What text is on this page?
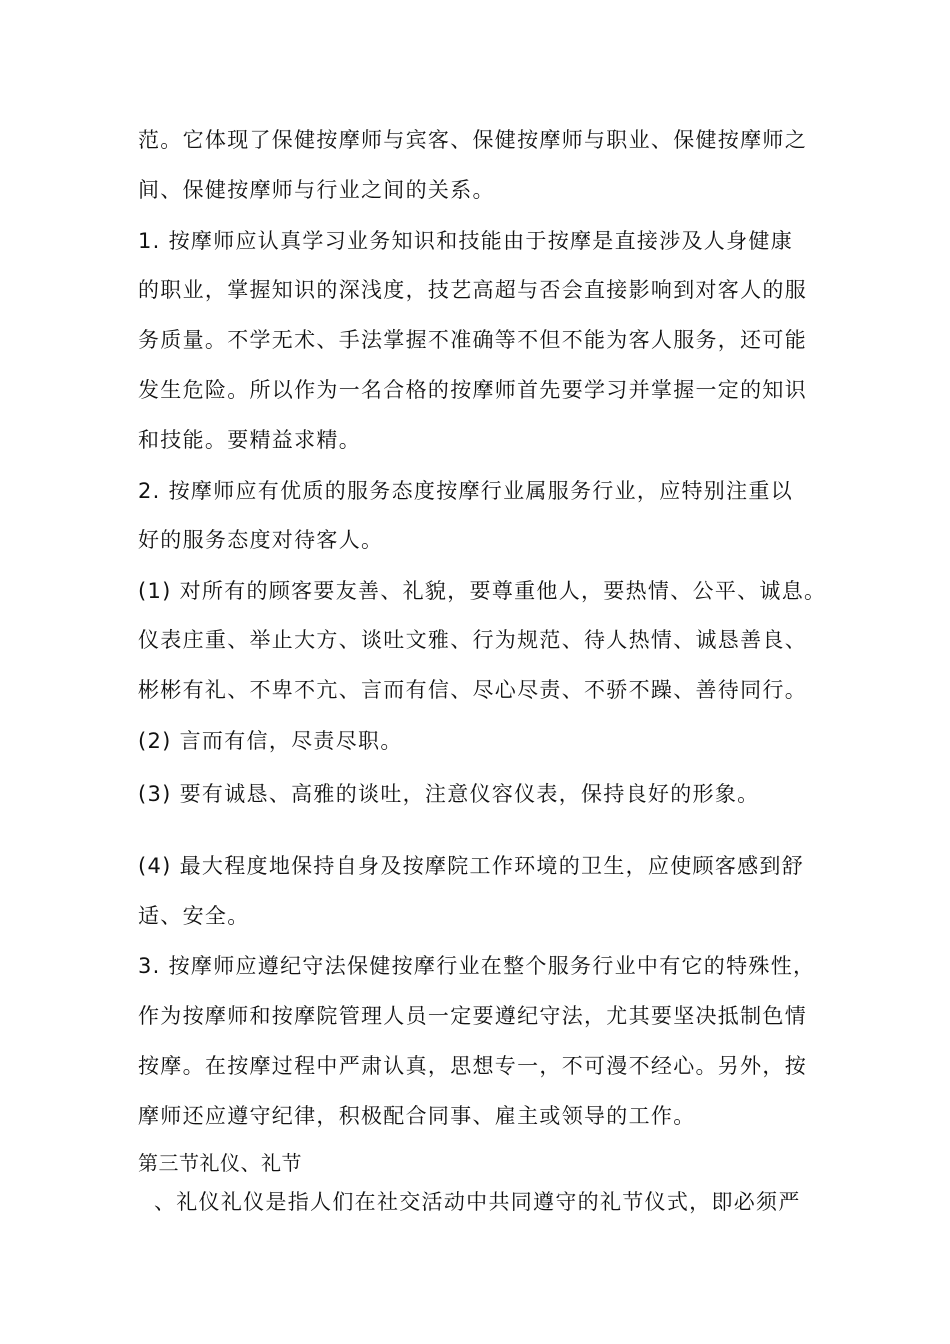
范。它体现了保健按摩师与宾客、保健按摩师与职业、保健按摩师之
间、保健按摩师与行业之间的关系。
1. 按摩师应认真学习业务知识和技能由于按摩是直接涉及人身健康
的职业，掌握知识的深浅度，技艺高超与否会直接影响到对客人的服
务质量。不学无术、手法掌握不准确等不但不能为客人服务，还可能
发生危险。所以作为一名合格的按摩师首先要学习并掌握一定的知识
和技能。要精益求精。
2. 按摩师应有优质的服务态度按摩行业属服务行业，应特别注重以
好的服务态度对待客人。
(1) 对所有的顾客要友善、礼貌，要尊重他人，要热情、公平、诚息。
仪表庄重、举止大方、谈吐文雅、行为规范、待人热情、诚恳善良、
彬彬有礼、不卑不亢、言而有信、尽心尽责、不骄不躁、善待同行。
(2) 言而有信，尽责尽职。
(3) 要有诚恳、高雅的谈吐，注意仪容仪表，保持良好的形象。
(4) 最大程度地保持自身及按摩院工作环境的卫生，应使顾客感到舒
适、安全。
3. 按摩师应遵纪守法保健按摩行业在整个服务行业中有它的特殊性，
作为按摩师和按摩院管理人员一定要遵纪守法，尤其要坚决抵制色情
按摩。在按摩过程中严肃认真，思想专一，不可漫不经心。另外，按
摩师还应遵守纪律，积极配合同事、雇主或领导的工作。
第三节礼仪、礼节
、礼仪礼仪是指人们在社交活动中共同遵守的礼节仪式，即必须严
